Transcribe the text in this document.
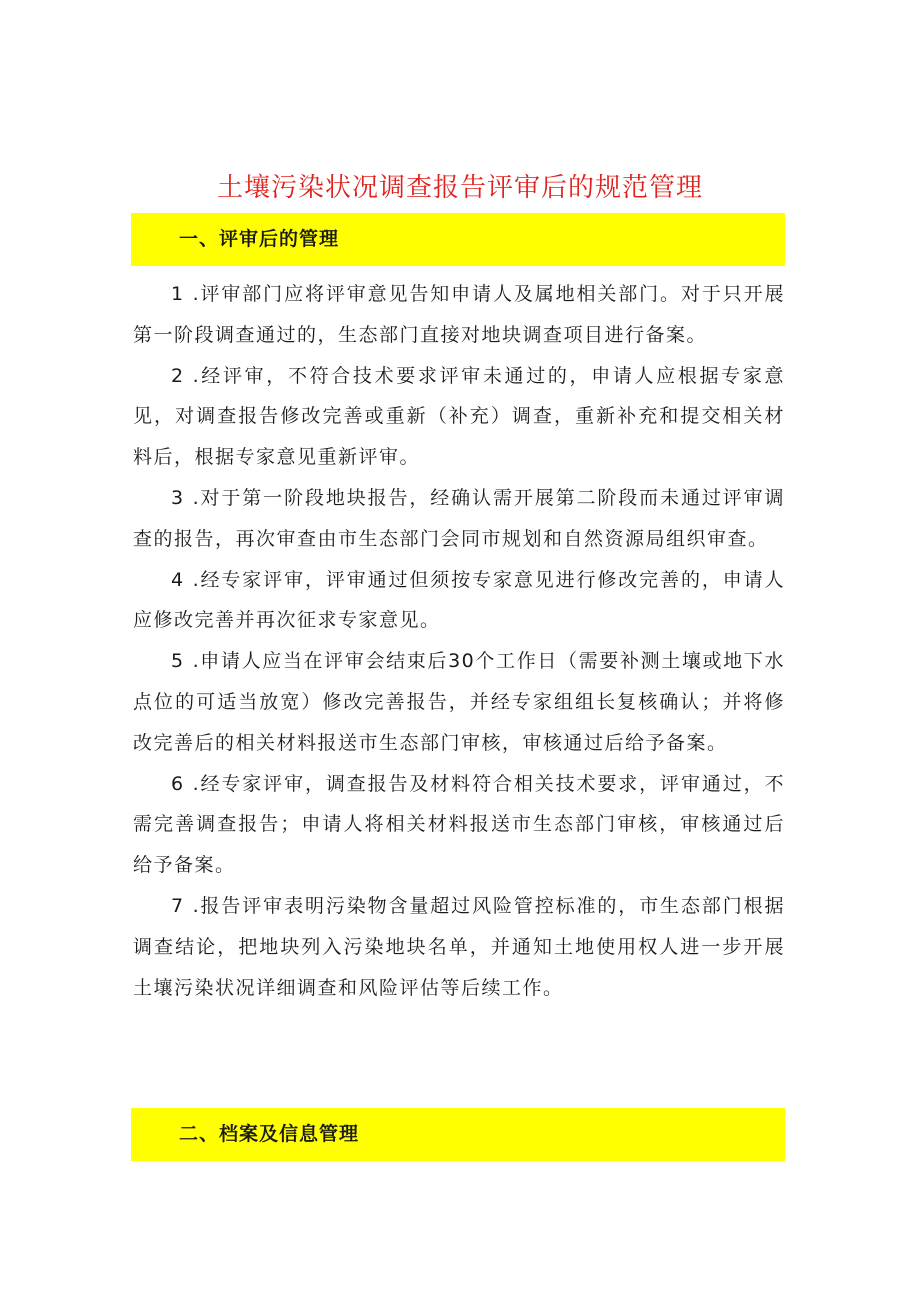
土壤污染状况调查报告评审后的规范管理
一、评审后的管理

1 .评审部门应将评审意见告知申请人及属地相关部门。对于只开展第一阶段调查通过的，生态部门直接对地块调查项目进行备案。

2 .经评审，不符合技术要求评审未通过的，申请人应根据专家意见，对调查报告修改完善或重新（补充）调查，重新补充和提交相关材料后，根据专家意见重新评审。

3 .对于第一阶段地块报告，经确认需开展第二阶段而未通过评审调查的报告，再次审查由市生态部门会同市规划和自然资源局组织审查。

4 .经专家评审，评审通过但须按专家意见进行修改完善的，申请人应修改完善并再次征求专家意见。

5 .申请人应当在评审会结束后30个工作日（需要补测土壤或地下水点位的可适当放宽）修改完善报告，并经专家组组长复核确认；并将修改完善后的相关材料报送市生态部门审核，审核通过后给予备案。

6 .经专家评审，调查报告及材料符合相关技术要求，评审通过，不需完善调查报告；申请人将相关材料报送市生态部门审核，审核通过后给予备案。

7 .报告评审表明污染物含量超过风险管控标准的，市生态部门根据调查结论，把地块列入污染地块名单，并通知土地使用权人进一步开展土壤污染状况详细调查和风险评估等后续工作。

二、档案及信息管理
